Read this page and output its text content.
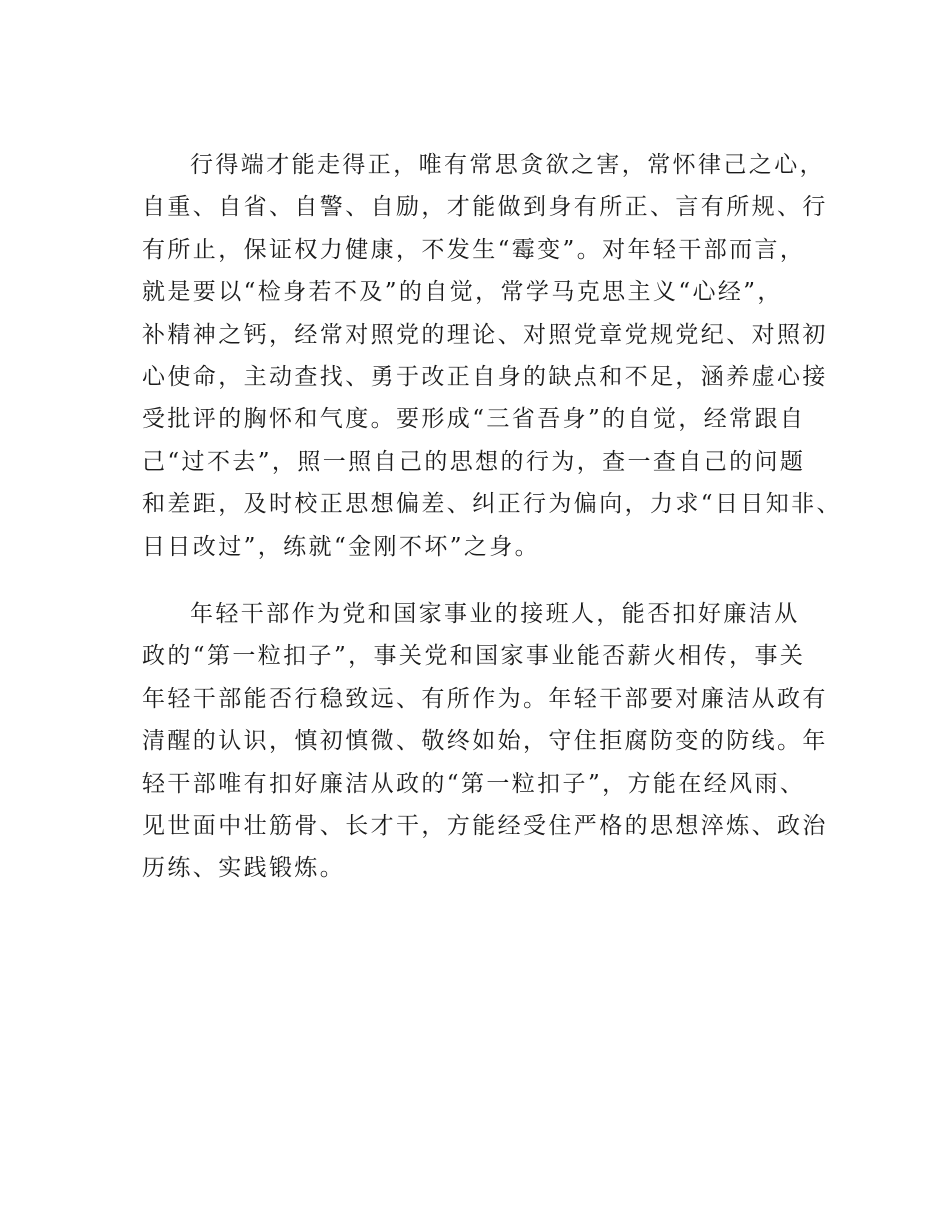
行得端才能走得正，唯有常思贪欲之害，常怀律己之心，
自重、自省、自警、自励，才能做到身有所正、言有所规、行
有所止，保证权力健康，不发生“霉变”。对年轻干部而言，
就是要以“检身若不及”的自觉，常学马克思主义“心经”，
补精神之钙，经常对照党的理论、对照党章党规党纪、对照初
心使命，主动查找、勇于改正自身的缺点和不足，涵养虚心接
受批评的胸怀和气度。要形成“三省吾身”的自觉，经常跟自
己“过不去”，照一照自己的思想的行为，查一查自己的问题
和差距，及时校正思想偏差、纠正行为偏向，力求“日日知非、
日日改过”，练就“金刚不坏”之身。
年轻干部作为党和国家事业的接班人，能否扣好廉洁从
政的“第一粒扣子”，事关党和国家事业能否薪火相传，事关
年轻干部能否行稳致远、有所作为。年轻干部要对廉洁从政有
清醒的认识，慎初慎微、敬终如始，守住拒腐防变的防线。年
轻干部唯有扣好廉洁从政的“第一粒扣子”，方能在经风雨、
见世面中壮筋骨、长才干，方能经受住严格的思想淬炼、政治
历练、实践锻炼。
